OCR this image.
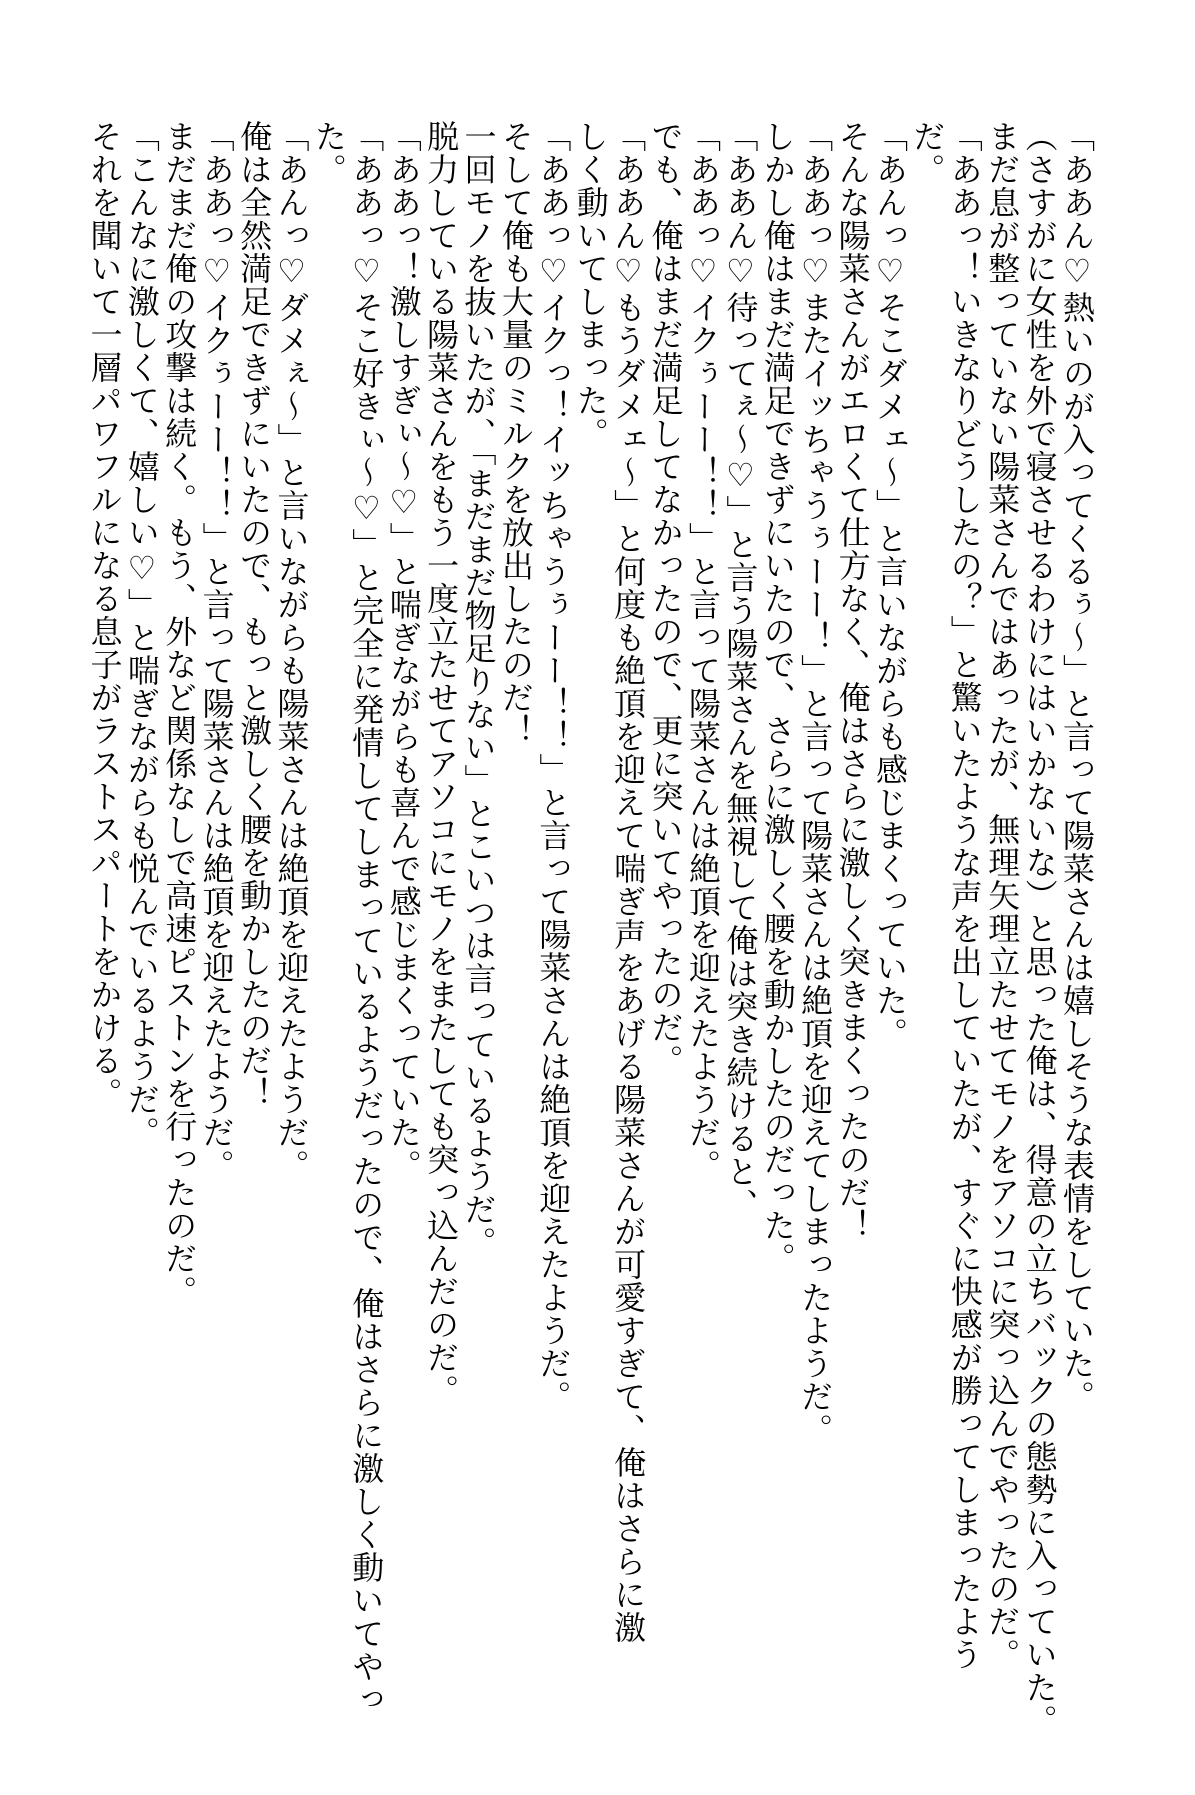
「ああん♡熱いのが入ってくるぅ～」と言って陽菜さんは嬉しそうな表情をしていた。
（さすがに女性を外で寝させるわけにはいかないな）と思った俺は、得意の立ちバックの態勢に入っていた。
まだ息が整っていない陽菜さんではあったが、無理矢理立たせてモノをアソコに突っ込んでやったのだ。
「ああっ！いきなりどうしたの？」と驚いたような声を出していたが、すぐに快感が勝ってしまったよう
だ。
「あんっ♡そこダメェ～」と言いながらも感じまくっていた。
そんな陽菜さんがエロくて仕方なく、俺はさらに激しく突きまくったのだ！
「ああっ♡またイッちゃうぅーー！」と言って陽菜さんは絶頂を迎えてしまったようだ。
しかし俺はまだ満足できずにいたので、さらに激しく腰を動かしたのだった。
「ああん♡待ってぇ～♡」と言う陽菜さんを無視して俺は突き続けると、
「ああっ♡イクぅーー！！」と言って陽菜さんは絶頂を迎えたようだ。
でも、俺はまだ満足してなかったので、更に突いてやったのだ。
「ああん♡もうダメェ～」と何度も絶頂を迎えて喘ぎ声をあげる陽菜さんが可愛すぎて、俺はさらに激
しく動いてしまった。
「ああっ♡イクっ！イッちゃうぅーー！！」と言って陽菜さんは絶頂を迎えたようだ。
そして俺も大量のミルクを放出したのだ！
一回モノを抜いたが、「まだまだ物足りない」とこいつは言っているようだ。
脱力している陽菜さんをもう一度立たせてアソコにモノをまたしても突っ込んだのだ。
「ああっ！激しすぎぃ～♡」と喘ぎながらも喜んで感じまくっていた。
「ああっ♡そこ好きぃ～♡」と完全に発情してしまっているようだったので、俺はさらに激しく動いてやっ
た。
「あんっ♡ダメぇ～」と言いながらも陽菜さんは絶頂を迎えたようだ。
俺は全然満足できずにいたので、もっと激しく腰を動かしたのだ！
「ああっ♡イクぅーー！！」と言って陽菜さんは絶頂を迎えたようだ。
まだまだ俺の攻撃は続く。もう、外など関係なしで高速ピストンを行ったのだ。
「こんなに激しくて、嬉しい♡」と喘ぎながらも悦んでいるようだ。
それを聞いて一層パワフルになる息子がラストスパートをかける。
